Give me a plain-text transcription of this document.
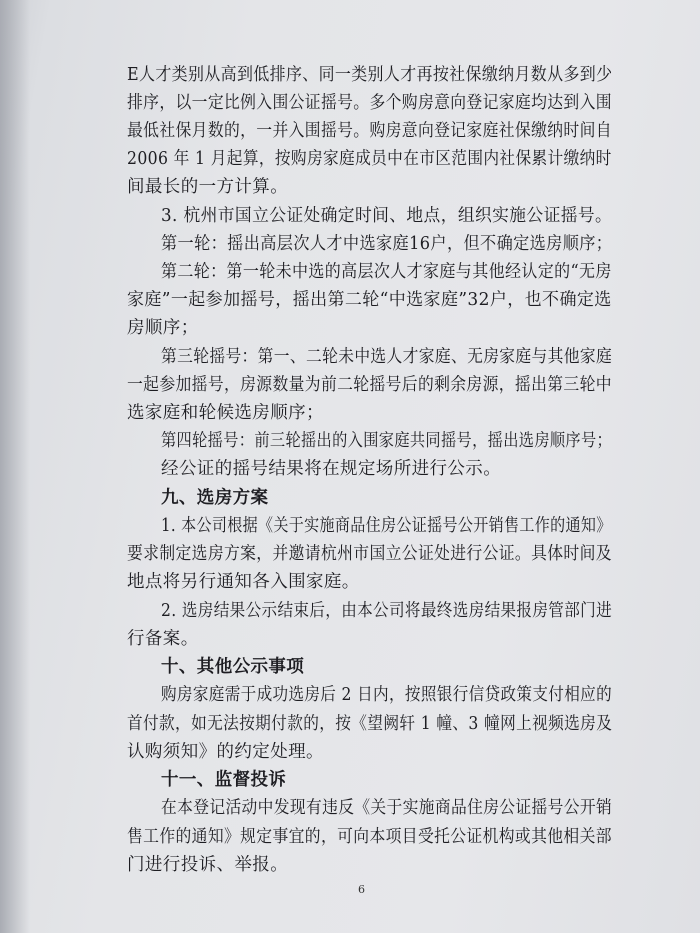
E人才类别从高到低排序、同一类别人才再按社保缴纳月数从多到少
排序，以一定比例入围公证摇号。多个购房意向登记家庭均达到入围
最低社保月数的，一并入围摇号。购房意向登记家庭社保缴纳时间自
2006 年 1 月起算，按购房家庭成员中在市区范围内社保累计缴纳时
间最长的一方计算。
3. 杭州市国立公证处确定时间、地点，组织实施公证摇号。
第一轮：摇出高层次人才中选家庭16户，但不确定选房顺序；
第二轮：第一轮未中选的高层次人才家庭与其他经认定的“无房
家庭”一起参加摇号，摇出第二轮“中选家庭”32户，也不确定选
房顺序；
第三轮摇号：第一、二轮未中选人才家庭、无房家庭与其他家庭
一起参加摇号，房源数量为前二轮摇号后的剩余房源，摇出第三轮中
选家庭和轮候选房顺序；
第四轮摇号：前三轮摇出的入围家庭共同摇号，摇出选房顺序号；
经公证的摇号结果将在规定场所进行公示。
九、选房方案
1. 本公司根据《关于实施商品住房公证摇号公开销售工作的通知》
要求制定选房方案，并邀请杭州市国立公证处进行公证。具体时间及
地点将另行通知各入围家庭。
2. 选房结果公示结束后，由本公司将最终选房结果报房管部门进
行备案。
十、其他公示事项
购房家庭需于成功选房后 2 日内，按照银行信贷政策支付相应的
首付款，如无法按期付款的，按《望阙轩 1 幢、3 幢网上视频选房及
认购须知》的约定处理。
十一、监督投诉
在本登记活动中发现有违反《关于实施商品住房公证摇号公开销
售工作的通知》规定事宜的，可向本项目受托公证机构或其他相关部
门进行投诉、举报。
6
